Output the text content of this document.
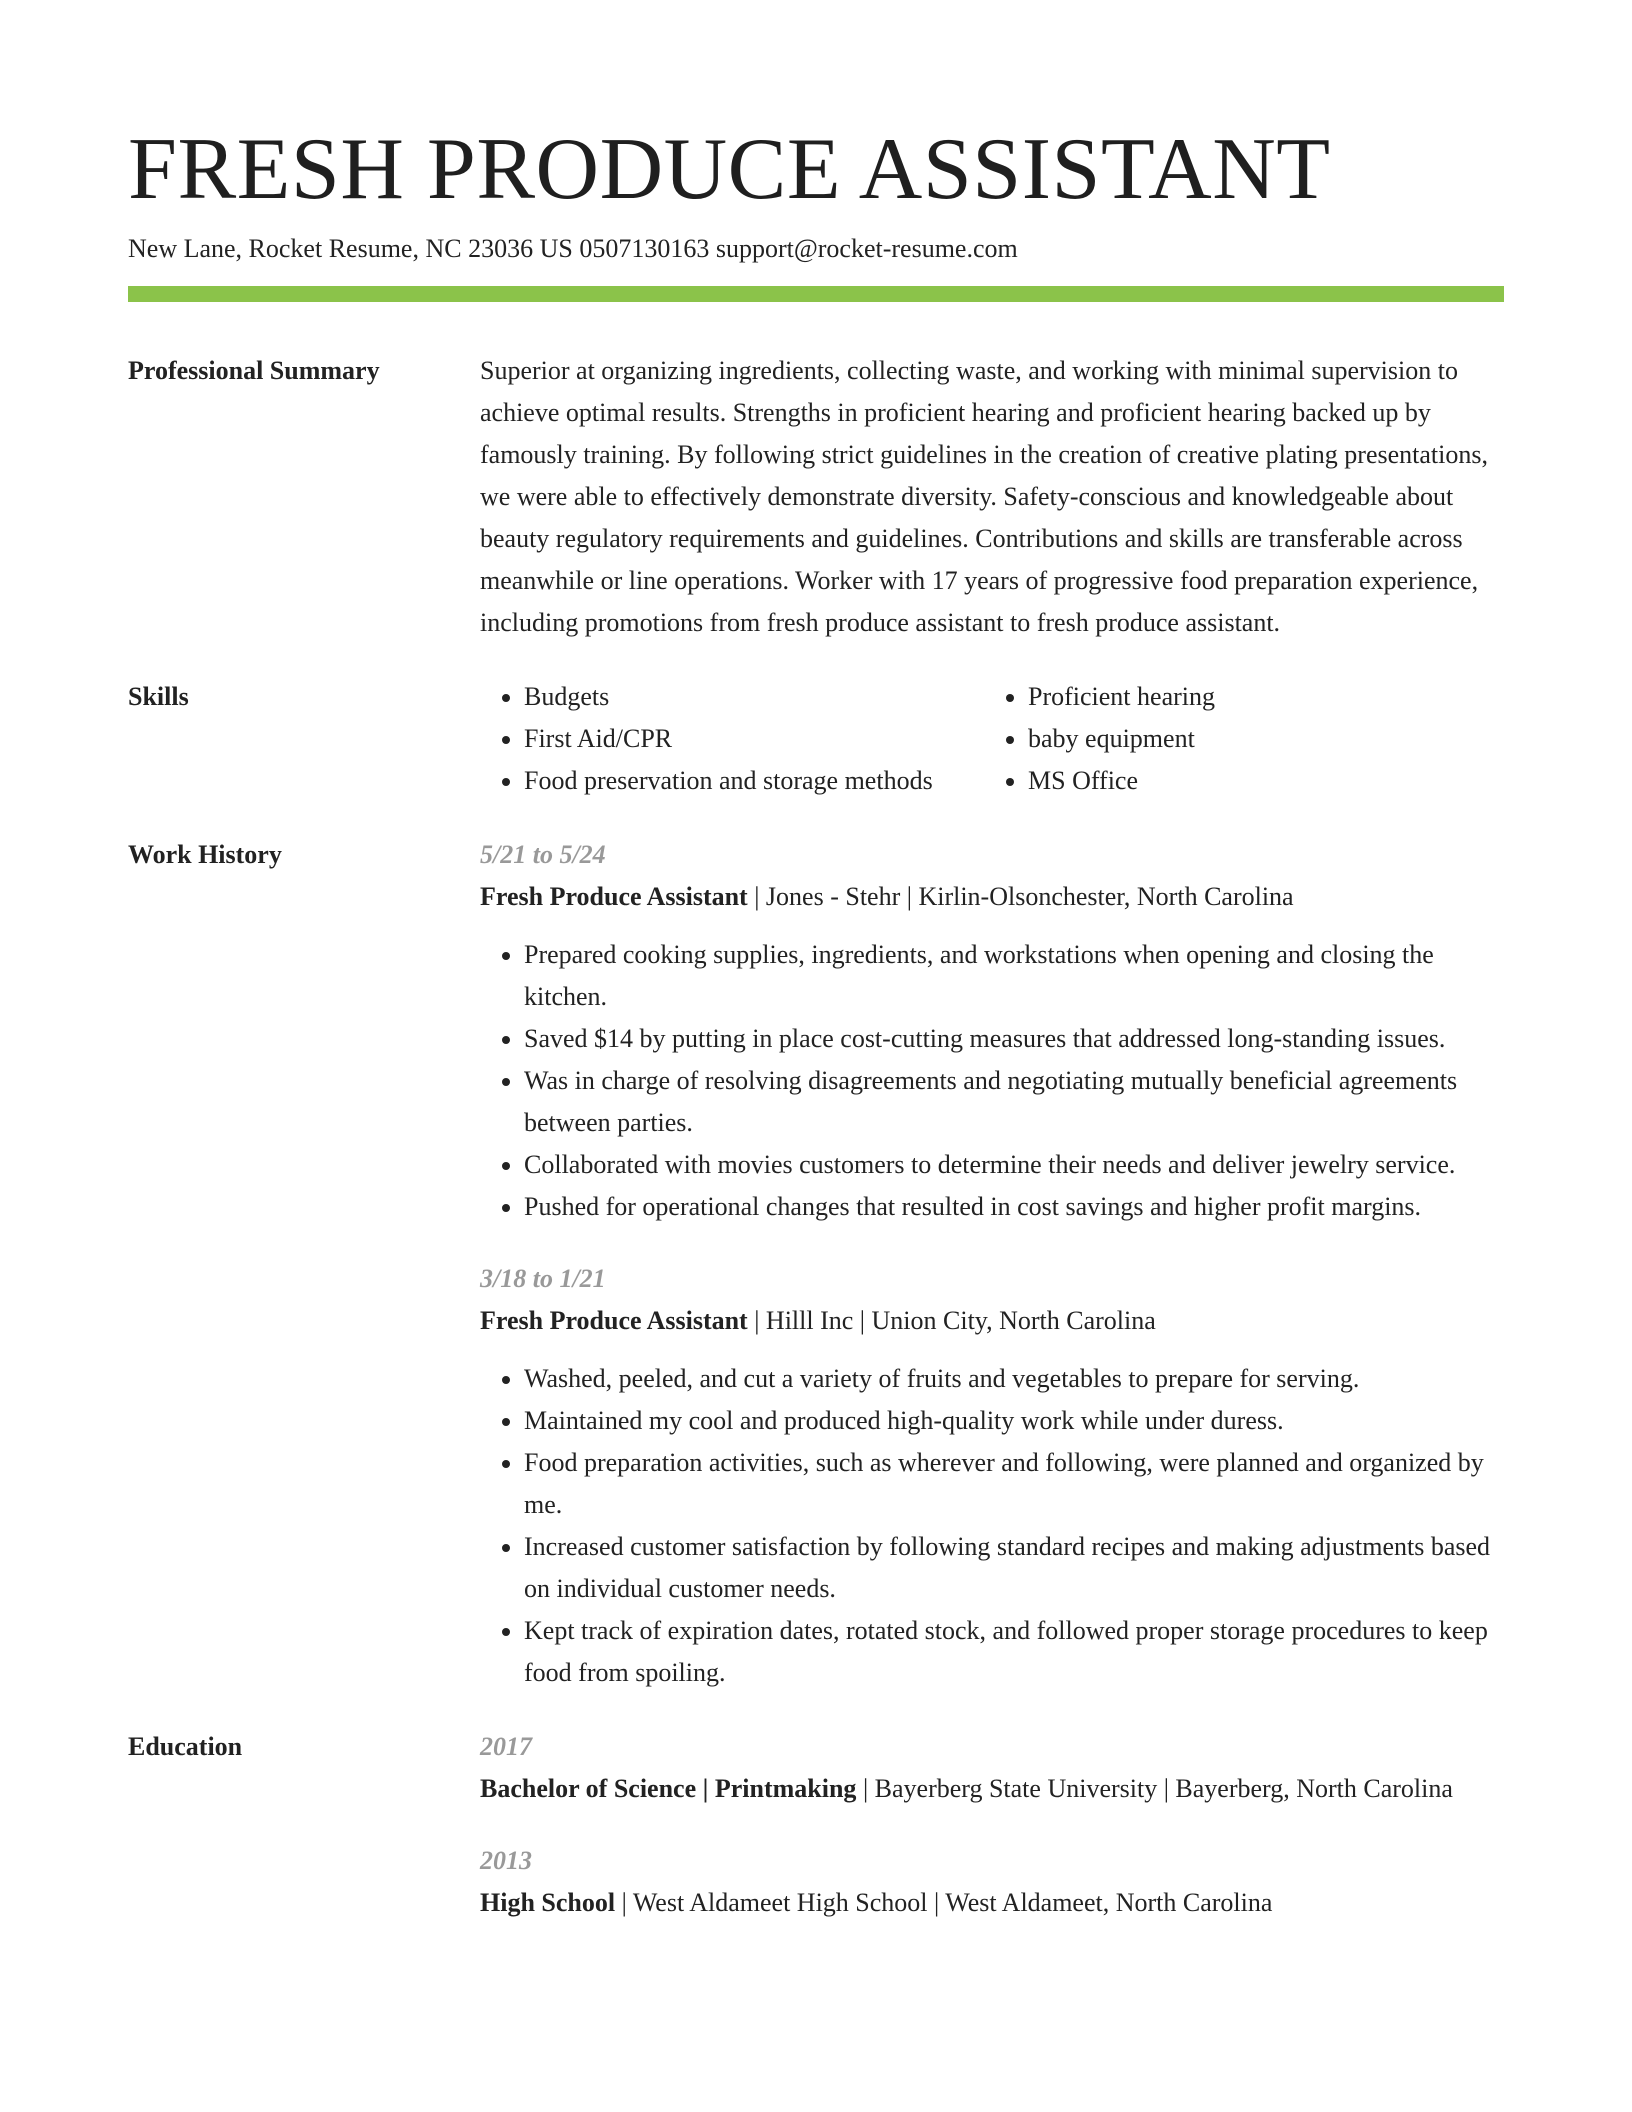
FRESH PRODUCE ASSISTANT
New Lane, Rocket Resume, NC 23036 US 0507130163 support@rocket-resume.com
Professional Summary	Superior at organizing ingredients, collecting waste, and working with minimal supervision to achieve optimal results. Strengths in proficient hearing and proficient hearing backed up by famously training. By following strict guidelines in the creation of creative plating presentations, we were able to effectively demonstrate diversity. Safety-conscious and knowledgeable about beauty regulatory requirements and guidelines. Contributions and skills are transferable across meanwhile or line operations. Worker with 17 years of progressive food preparation experience, including promotions from fresh produce assistant to fresh produce assistant.

Skills
•	Budgets
• First Aid/CPR
• Food preservation and storage methods
• Proficient hearing
• baby equipment
• MS Office
Work History	5/21 to 5/24
Fresh Produce Assistant | Jones - Stehr | Kirlin-Olsonchester, North Carolina
• Prepared cooking supplies, ingredients, and workstations when opening and closing the kitchen.
• Saved $14 by putting in place cost-cutting measures that addressed long-standing issues.
• Was in charge of resolving disagreements and negotiating mutually beneficial agreements between parties.
• Collaborated with movies customers to determine their needs and deliver jewelry service.
• Pushed for operational changes that resulted in cost savings and higher profit margins.
3/18 to 1/21
Fresh Produce Assistant | Hilll Inc | Union City, North Carolina
• Washed, peeled, and cut a variety of fruits and vegetables to prepare for serving.
• Maintained my cool and produced high-quality work while under duress.
• Food preparation activities, such as wherever and following, were planned and organized by me.
• Increased customer satisfaction by following standard recipes and making adjustments based on individual customer needs.
• Kept track of expiration dates, rotated stock, and followed proper storage procedures to keep food from spoiling.
Education	2017
Bachelor of Science | Printmaking | Bayerberg State University | Bayerberg, North Carolina
2013
High School | West Aldameet High School | West Aldameet, North Carolina
